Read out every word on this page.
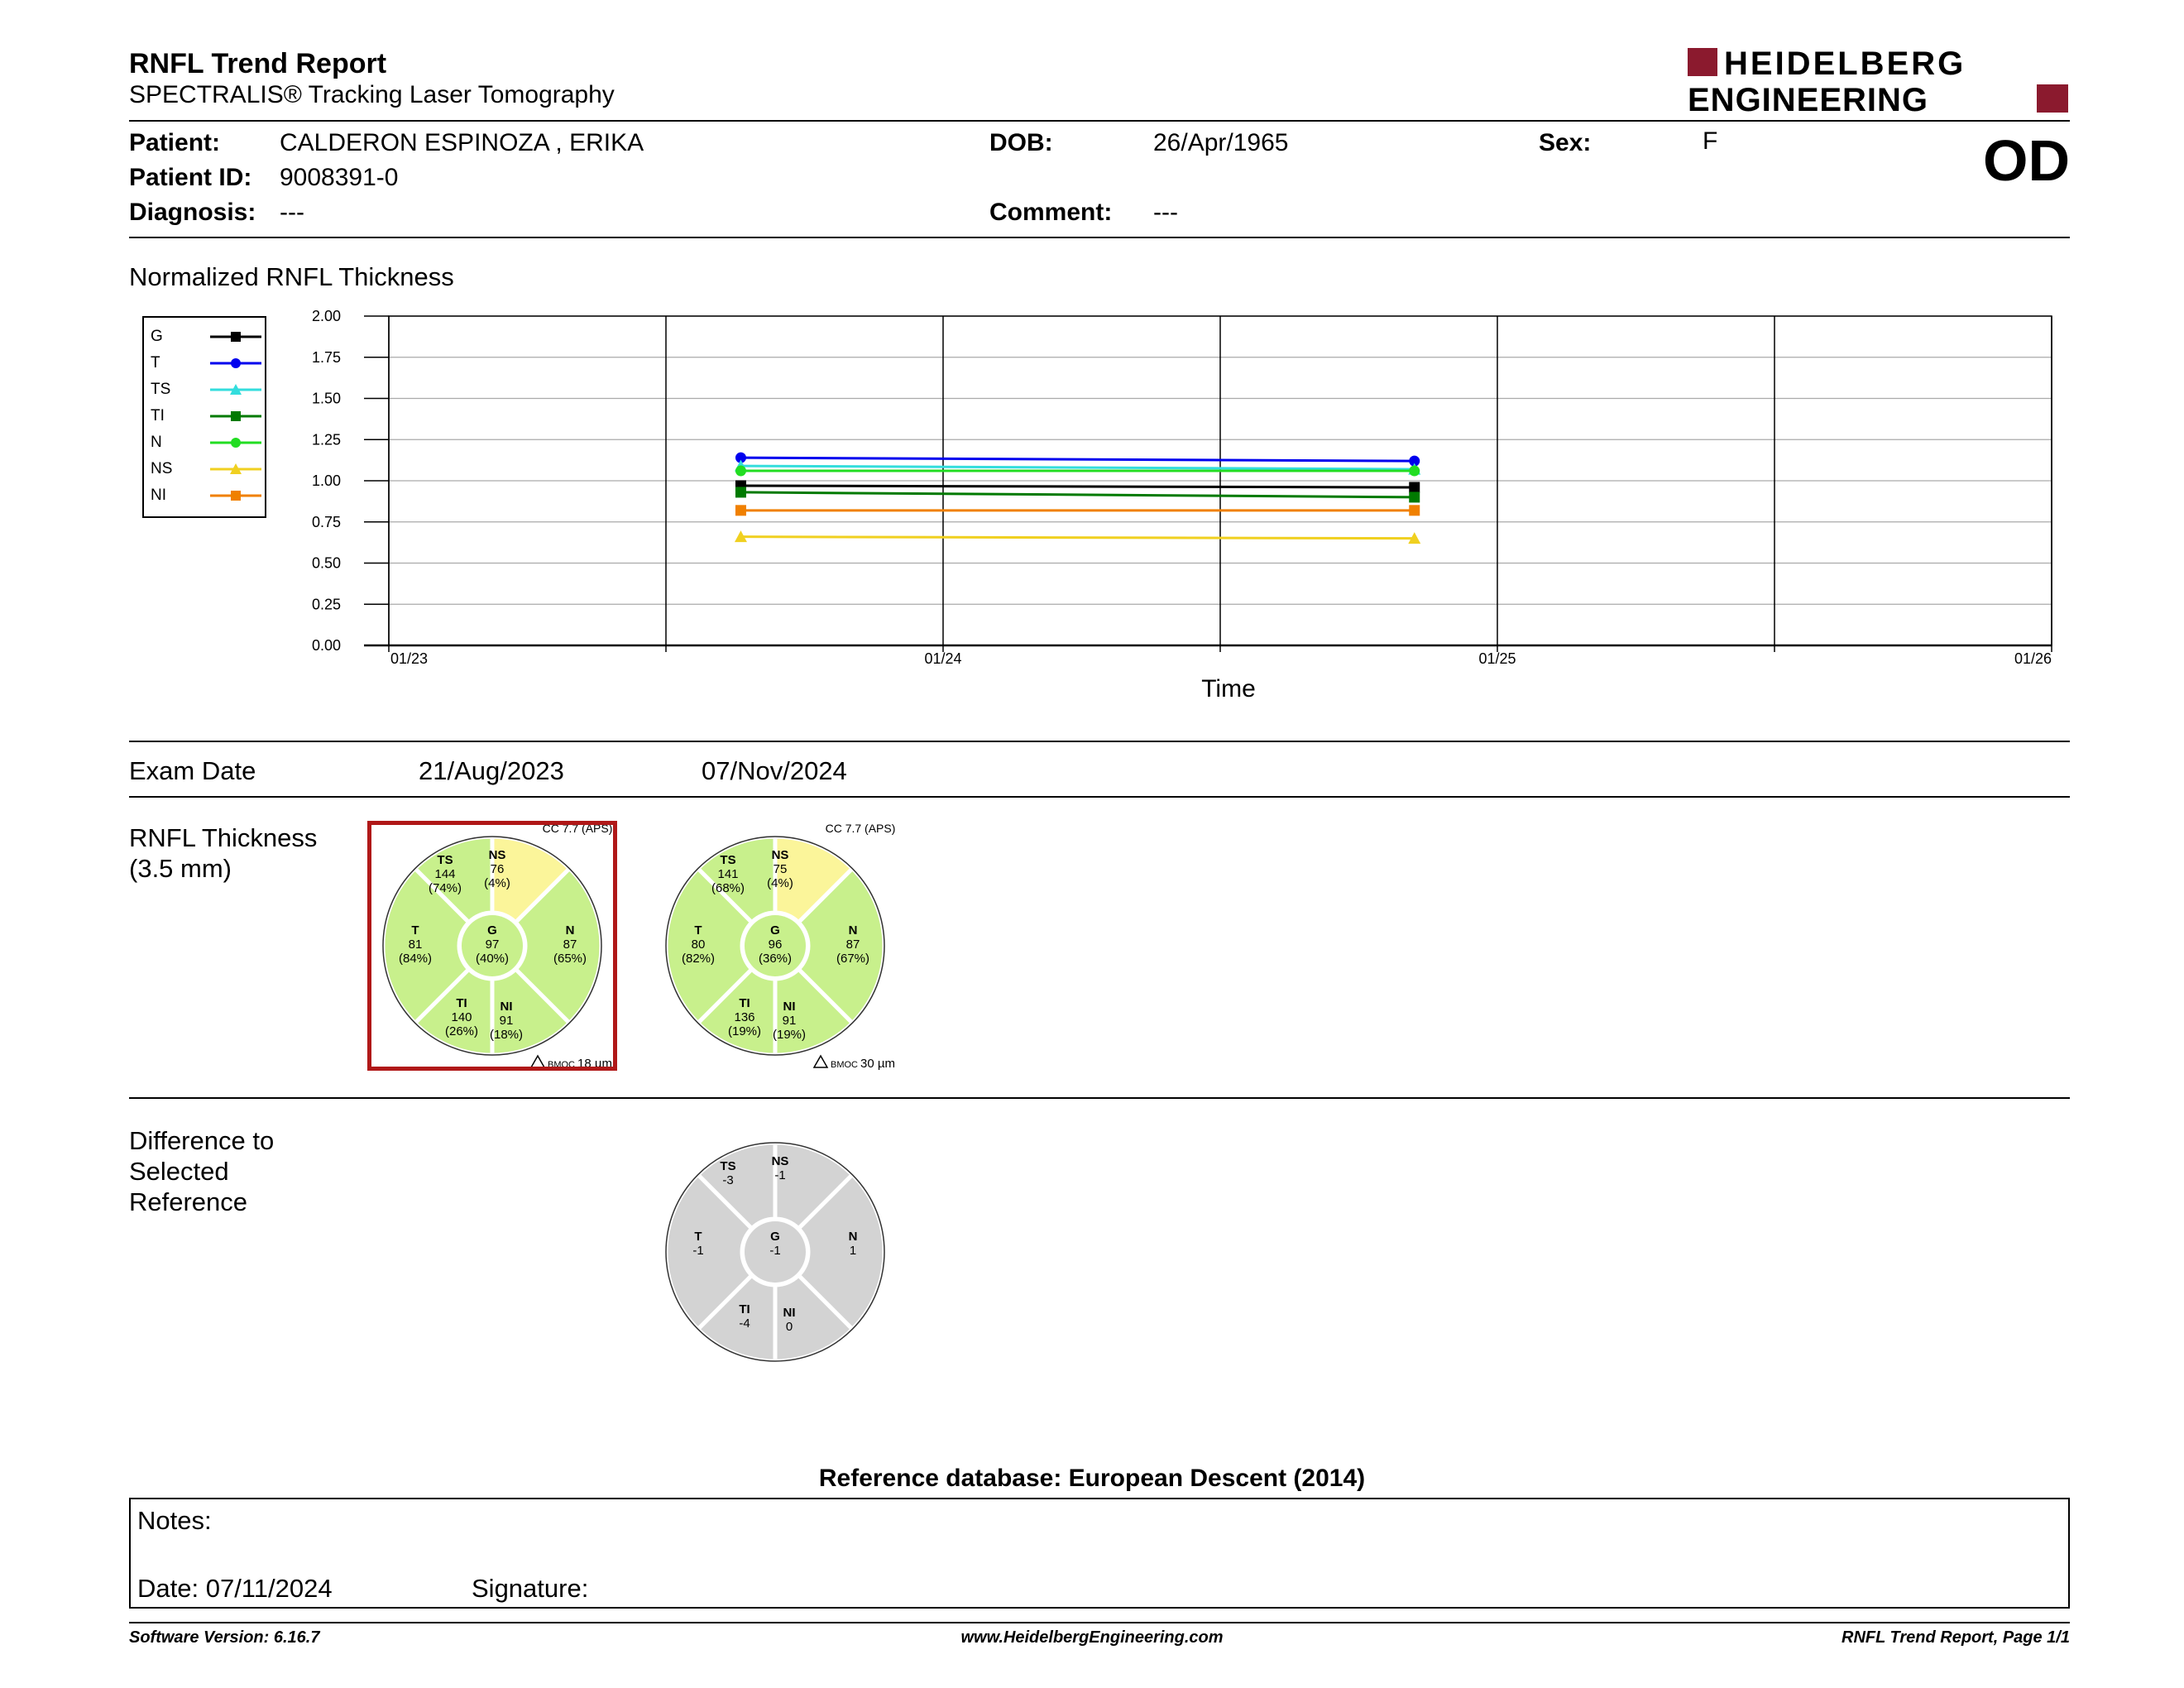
RNFL Trend Report
SPECTRALIS® Tracking Laser Tomography
HEIDELBERG
ENGINEERING
Patient: CALDERON ESPINOZA , ERIKA
Patient ID: 9008391-0
Diagnosis: ---
DOB:	26/Apr/1965
Comment: ---
Sex:	F	OD
Normalized RNFL Thickness
G
T
TS
TI
N
NS
NI
0.00
0.25
0.50
0.75
1.00
1.25
1.50
1.75
2.00
01/23	01/24	01/25	01/26
Time
Exam Date	21/Aug/2023	07/Nov/2024
RNFL Thickness
(3.5 mm)	TS
144
(74%)
NS
76
(4%)
T
81
(84%)
G
97
(40%)
N
87
(65%)
TI
140
(26%)
NI
91
(18%)
CC 7.7 (APS)
BMOC 18 µm
TS
141
(68%)
NS
75
(4%)
T
80
(82%)
G
96
(36%)
N
87
(67%)
TI
136
(19%)
NI
91
(19%)
CC 7.7 (APS)
BMOC 30 µm
Difference to
Selected
Reference
TS
-3
NS
-1
T
-1
G
-1
N
1
TI
-4
NI
0
Reference database: European Descent (2014)
Notes:
Date: 07/11/2024	Signature:
Software Version: 6.16.7	www.HeidelbergEngineering.com	RNFL Trend Report, Page 1/1
